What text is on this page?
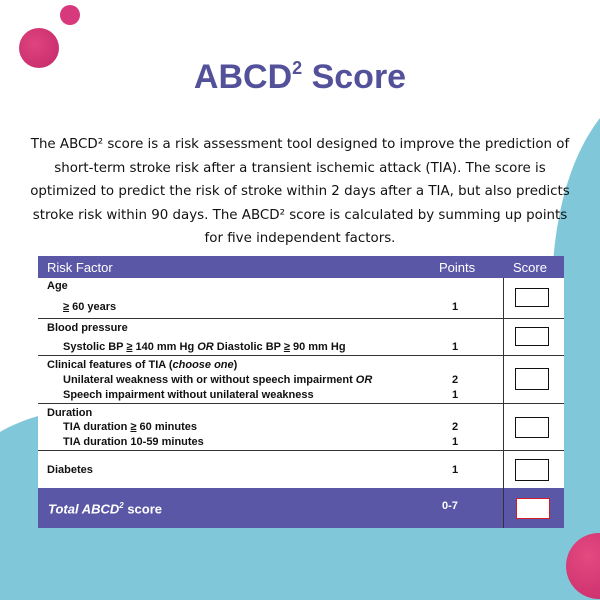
ABCD$^2$ Score

The ABCD² score is a risk assessment tool designed to improve the prediction of short-term stroke risk after a transient ischemic attack (TIA). The score is optimized to predict the risk of stroke within 2 days after a TIA, but also predicts stroke risk within 90 days. The ABCD² score is calculated by summing up points for five independent factors.

Risk Factor	Points	Score
Age
≥ 60 years	1
Blood pressure
Systolic BP ≥ 140 mm Hg OR Diastolic BP ≥ 90 mm Hg	1
Clinical features of TIA (choose one)
Unilateral weakness with or without speech impairment OR	2
Speech impairment without unilateral weakness	1
Duration
TIA duration ≥ 60 minutes	2
TIA duration 10-59 minutes	1
Diabetes	1
Total ABCD$^2$ score	0-7
